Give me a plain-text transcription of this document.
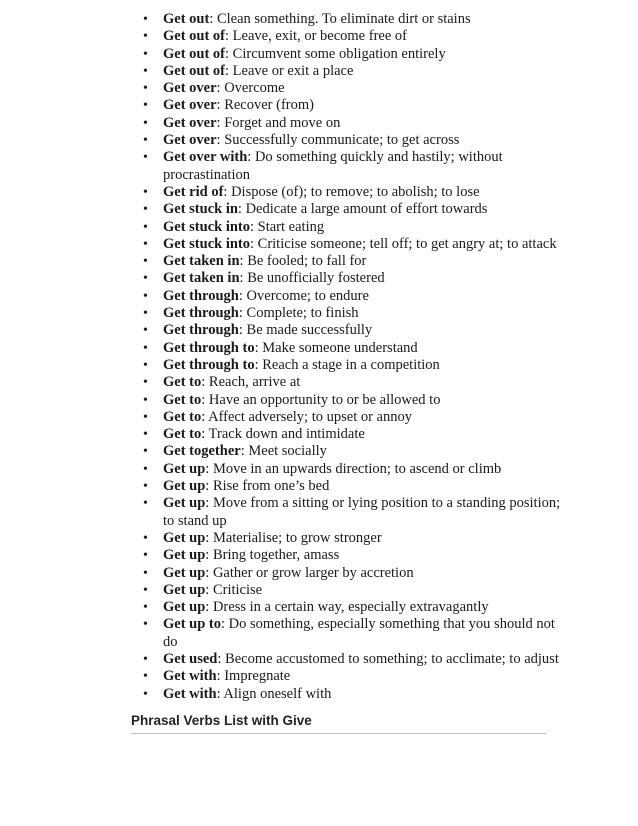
• Get out: Clean something. To eliminate dirt or stains
• Get out of: Leave, exit, or become free of
• Get out of: Circumvent some obligation entirely
• Get out of: Leave or exit a place
• Get over: Overcome
• Get over: Recover (from)
• Get over: Forget and move on
• Get over: Successfully communicate; to get across
• Get over with: Do something quickly and hastily; without procrastination
• Get rid of: Dispose (of); to remove; to abolish; to lose
• Get stuck in: Dedicate a large amount of effort towards
• Get stuck into: Start eating
• Get stuck into: Criticise someone; tell off; to get angry at; to attack
• Get taken in: Be fooled; to fall for
• Get taken in: Be unofficially fostered
• Get through: Overcome; to endure
• Get through: Complete; to finish
• Get through: Be made successfully
• Get through to: Make someone understand
• Get through to: Reach a stage in a competition
• Get to: Reach, arrive at
• Get to: Have an opportunity to or be allowed to
• Get to: Affect adversely; to upset or annoy
• Get to: Track down and intimidate
• Get together: Meet socially
• Get up: Move in an upwards direction; to ascend or climb
• Get up: Rise from one’s bed
• Get up: Move from a sitting or lying position to a standing position; to stand up
• Get up: Materialise; to grow stronger
• Get up: Bring together, amass
• Get up: Gather or grow larger by accretion
• Get up: Criticise
• Get up: Dress in a certain way, especially extravagantly
• Get up to: Do something, especially something that you should not do
• Get used: Become accustomed to something; to acclimate; to adjust
• Get with: Impregnate
• Get with: Align oneself with
Phrasal Verbs List with Give
